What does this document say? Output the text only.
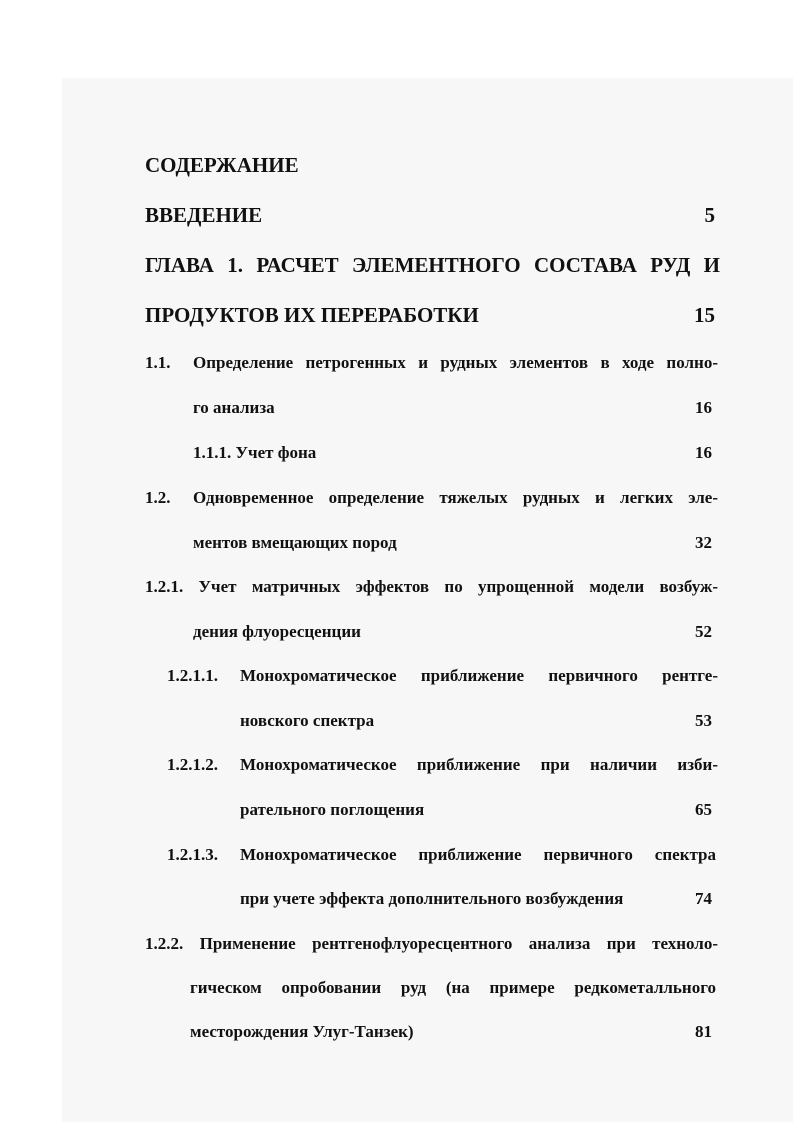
СОДЕРЖАНИЕ
ВВЕДЕНИЕ	5
ГЛАВА 1. РАСЧЕТ ЭЛЕМЕНТНОГО СОСТАВА РУД И
ПРОДУКТОВ ИХ ПЕРЕРАБОТКИ	15
1.1. Определение петрогенных и рудных элементов в ходе полно-
го анализа	16
1.1.1. Учет фона	16
1.2. Одновременное определение тяжелых рудных и легких эле-
ментов вмещающих пород	32
1.2.1. Учет матричных эффектов по упрощенной модели возбуж-
дения флуоресценции	52
1.2.1.1. Монохроматическое приближение первичного рентге-
новского спектра	53
1.2.1.2. Монохроматическое приближение при наличии изби-
рательного поглощения	65
1.2.1.3. Монохроматическое приближение первичного спектра
при учете эффекта дополнительного возбуждения	74
1.2.2. Применение рентгенофлуоресцентного анализа при техноло-
гическом опробовании руд (на примере редкометалльного
месторождения Улуг-Танзек)	81
